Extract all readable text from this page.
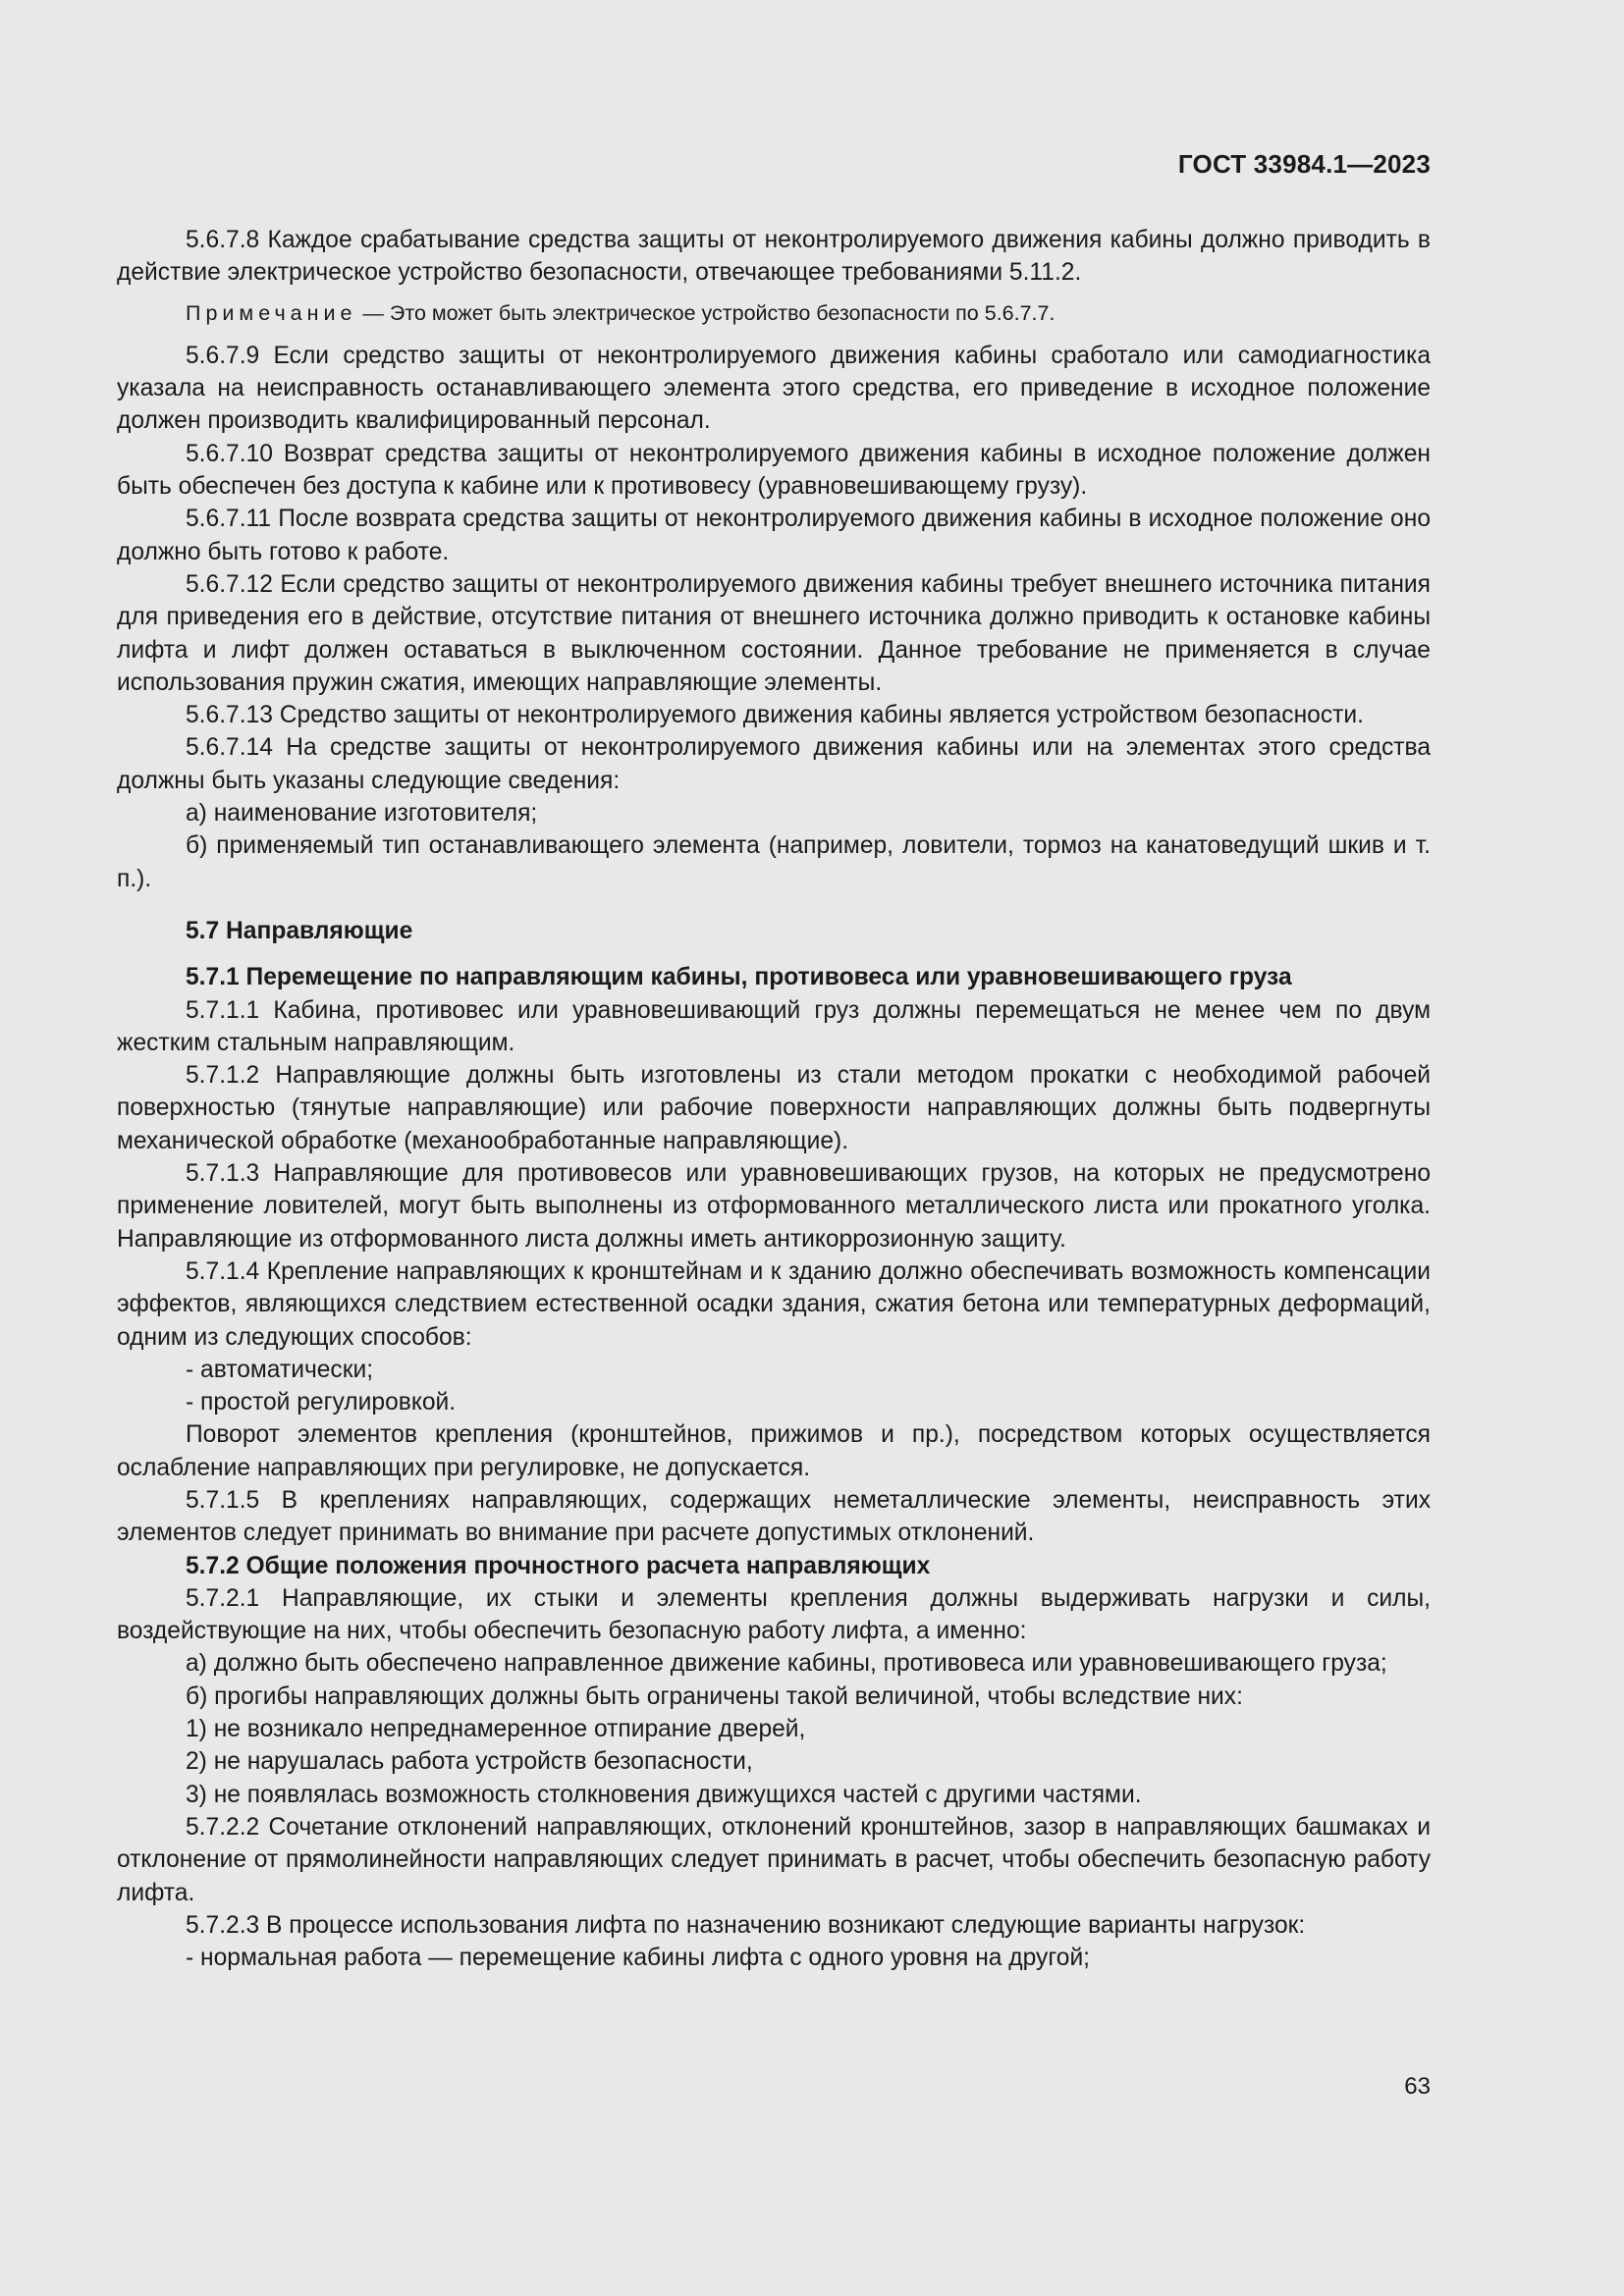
ГОСТ 33984.1—2023

5.6.7.8 Каждое срабатывание средства защиты от неконтролируемого движения кабины должно приводить в действие электрическое устройство безопасности, отвечающее требованиями 5.11.2.

Примечание — Это может быть электрическое устройство безопасности по 5.6.7.7.

5.6.7.9 Если средство защиты от неконтролируемого движения кабины сработало или самодиагностика указала на неисправность останавливающего элемента этого средства, его приведение в исходное положение должен производить квалифицированный персонал.

5.6.7.10 Возврат средства защиты от неконтролируемого движения кабины в исходное положение должен быть обеспечен без доступа к кабине или к противовесу (уравновешивающему грузу).

5.6.7.11 После возврата средства защиты от неконтролируемого движения кабины в исходное положение оно должно быть готово к работе.

5.6.7.12 Если средство защиты от неконтролируемого движения кабины требует внешнего источника питания для приведения его в действие, отсутствие питания от внешнего источника должно приводить к остановке кабины лифта и лифт должен оставаться в выключенном состоянии. Данное требование не применяется в случае использования пружин сжатия, имеющих направляющие элементы.

5.6.7.13 Средство защиты от неконтролируемого движения кабины является устройством безопасности.

5.6.7.14 На средстве защиты от неконтролируемого движения кабины или на элементах этого средства должны быть указаны следующие сведения:

а) наименование изготовителя;

б) применяемый тип останавливающего элемента (например, ловители, тормоз на канатоведущий шкив и т. п.).

5.7 Направляющие

5.7.1 Перемещение по направляющим кабины, противовеса или уравновешивающего груза

5.7.1.1 Кабина, противовес или уравновешивающий груз должны перемещаться не менее чем по двум жестким стальным направляющим.

5.7.1.2 Направляющие должны быть изготовлены из стали методом прокатки с необходимой рабочей поверхностью (тянутые направляющие) или рабочие поверхности направляющих должны быть подвергнуты механической обработке (механообработанные направляющие).

5.7.1.3 Направляющие для противовесов или уравновешивающих грузов, на которых не предусмотрено применение ловителей, могут быть выполнены из отформованного металлического листа или прокатного уголка. Направляющие из отформованного листа должны иметь антикоррозионную защиту.

5.7.1.4 Крепление направляющих к кронштейнам и к зданию должно обеспечивать возможность компенсации эффектов, являющихся следствием естественной осадки здания, сжатия бетона или температурных деформаций, одним из следующих способов:

- автоматически;

- простой регулировкой.

Поворот элементов крепления (кронштейнов, прижимов и пр.), посредством которых осуществляется ослабление направляющих при регулировке, не допускается.

5.7.1.5 В креплениях направляющих, содержащих неметаллические элементы, неисправность этих элементов следует принимать во внимание при расчете допустимых отклонений.

5.7.2 Общие положения прочностного расчета направляющих

5.7.2.1 Направляющие, их стыки и элементы крепления должны выдерживать нагрузки и силы, воздействующие на них, чтобы обеспечить безопасную работу лифта, а именно:

а) должно быть обеспечено направленное движение кабины, противовеса или уравновешивающего груза;

б) прогибы направляющих должны быть ограничены такой величиной, чтобы вследствие них:

1) не возникало непреднамеренное отпирание дверей,

2) не нарушалась работа устройств безопасности,

3) не появлялась возможность столкновения движущихся частей с другими частями.

5.7.2.2 Сочетание отклонений направляющих, отклонений кронштейнов, зазор в направляющих башмаках и отклонение от прямолинейности направляющих следует принимать в расчет, чтобы обеспечить безопасную работу лифта.

5.7.2.3 В процессе использования лифта по назначению возникают следующие варианты нагрузок:

- нормальная работа — перемещение кабины лифта с одного уровня на другой;

63
